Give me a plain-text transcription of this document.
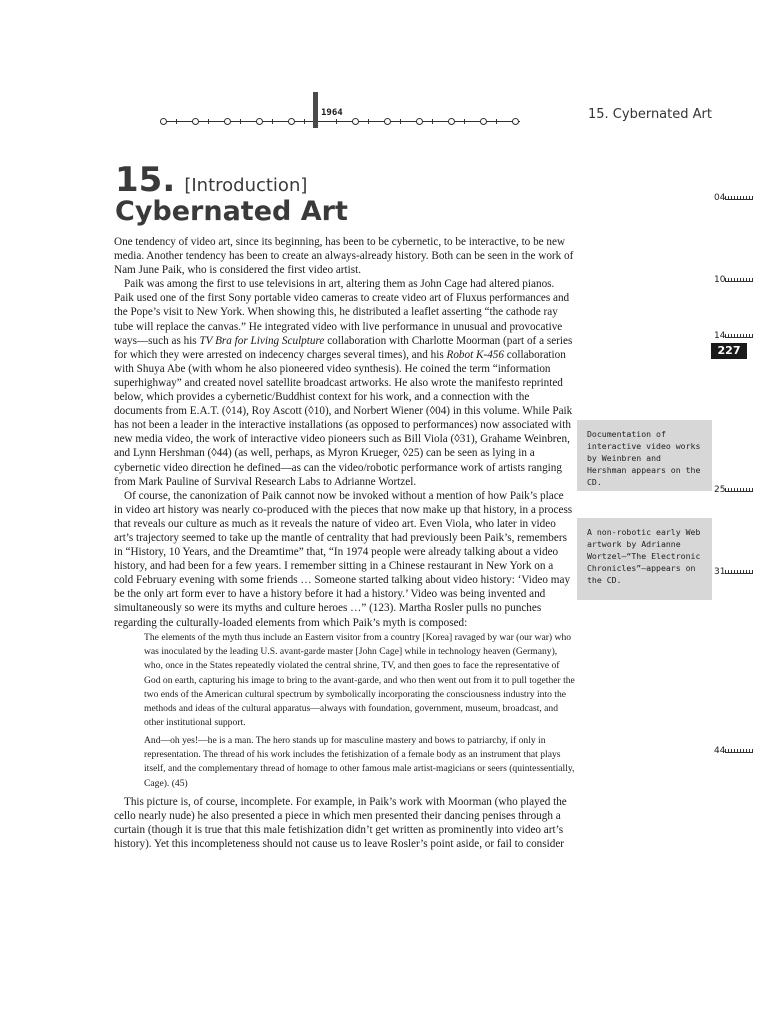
1964	15. Cybernated Art
15. [Introduction]
Cybernated Art	04
10
14
227
25
31
44
Documentation of interactive video works by Weinbren and Hershman appears on the CD.
A non-robotic early Web artwork by Adrianne Wortzel—“The Electronic Chronicles”—appears on the CD.

One tendency of video art, since its beginning, has been to be cybernetic, to be interactive, to be new media. Another tendency has been to create an always-already history. Both can be seen in the work of Nam June Paik, who is considered the first video artist.

Paik was among the first to use televisions in art, altering them as John Cage had altered pianos. Paik used one of the first Sony portable video cameras to create video art of Fluxus performances and the Pope’s visit to New York. When showing this, he distributed a leaflet asserting “the cathode ray tube will replace the canvas.” He integrated video with live performance in unusual and provocative ways—such as his TV Bra for Living Sculpture collaboration with Charlotte Moorman (part of a series for which they were arrested on indecency charges several times), and his Robot K-456 collaboration with Shuya Abe (with whom he also pioneered video synthesis). He coined the term “information superhighway” and created novel satellite broadcast artworks. He also wrote the manifesto reprinted below, which provides a cybernetic/Buddhist context for his work, and a connection with the documents from E.A.T. (◊14), Roy Ascott (◊10), and Norbert Wiener (◊04) in this volume. While Paik has not been a leader in the interactive installations (as opposed to performances) now associated with new media video, the work of interactive video pioneers such as Bill Viola (◊31), Grahame Weinbren, and Lynn Hershman (◊44) (as well, perhaps, as Myron Krueger, ◊25) can be seen as lying in a cybernetic video direction he defined—as can the video/robotic performance work of artists ranging from Mark Pauline of Survival Research Labs to Adrianne Wortzel.

Of course, the canonization of Paik cannot now be invoked without a mention of how Paik’s place in video art history was nearly co-produced with the pieces that now make up that history, in a process that reveals our culture as much as it reveals the nature of video art. Even Viola, who later in video art’s trajectory seemed to take up the mantle of centrality that had previously been Paik’s, remembers in “History, 10 Years, and the Dreamtime” that, “In 1974 people were already talking about a video history, and had been for a few years. I remember sitting in a Chinese restaurant in New York on a cold February evening with some friends … Someone started talking about video history: ‘Video may be the only art form ever to have a history before it had a history.’ Video was being invented and simultaneously so were its myths and culture heroes …” (123). Martha Rosler pulls no punches regarding the culturally-loaded elements from which Paik’s myth is composed:

The elements of the myth thus include an Eastern visitor from a country [Korea] ravaged by war (our war) who was inoculated by the leading U.S. avant-garde master [John Cage] while in technology heaven (Germany), who, once in the States repeatedly violated the central shrine, TV, and then goes to face the representative of God on earth, capturing his image to bring to the avant-garde, and who then went out from it to pull together the two ends of the American cultural spectrum by symbolically incorporating the consciousness industry into the methods and ideas of the cultural apparatus—always with foundation, government, museum, broadcast, and other institutional support.

And—oh yes!—he is a man. The hero stands up for masculine mastery and bows to patriarchy, if only in representation. The thread of his work includes the fetishization of a female body as an instrument that plays itself, and the complementary thread of homage to other famous male artist-magicians or seers (quintessentially, Cage). (45)

This picture is, of course, incomplete. For example, in Paik’s work with Moorman (who played the cello nearly nude) he also presented a piece in which men presented their dancing penises through a curtain (though it is true that this male fetishization didn’t get written as prominently into video art’s history). Yet this incompleteness should not cause us to leave Rosler’s point aside, or fail to consider
